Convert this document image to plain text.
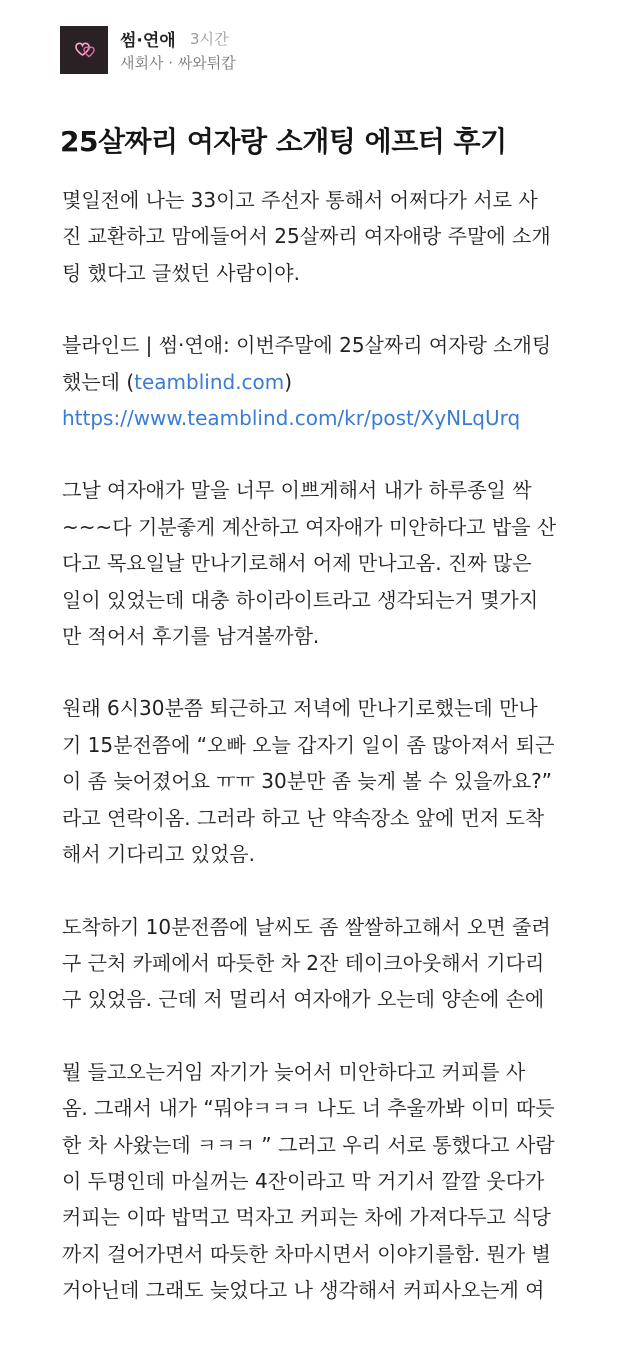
썸·연애 3시간
새회사 · 싸와튀캅
25살짜리 여자랑 소개팅 에프터 후기

몇일전에 나는 33이고 주선자 통해서 어쩌다가 서로 사
진 교환하고 맘에들어서 25살짜리 여자애랑 주말에 소개
팅 했다고 글썼던 사람이야.

블라인드 | 썸·연애: 이번주말에 25살짜리 여자랑 소개팅
했는데 (teamblind.com)
https://www.teamblind.com/kr/post/XyNLqUrq

그날 여자애가 말을 너무 이쁘게해서 내가 하루종일 싹
~~~다 기분좋게 계산하고 여자애가 미안하다고 밥을 산
다고 목요일날 만나기로해서 어제 만나고옴. 진짜 많은
일이 있었는데 대충 하이라이트라고 생각되는거 몇가지
만 적어서 후기를 남겨볼까함.

원래 6시30분쯤 퇴근하고 저녁에 만나기로했는데 만나
기 15분전쯤에 “오빠 오늘 갑자기 일이 좀 많아져서 퇴근
이 좀 늦어졌어요 ㅠㅠ 30분만 좀 늦게 볼 수 있을까요?”
라고 연락이옴. 그러라 하고 난 약속장소 앞에 먼저 도착
해서 기다리고 있었음.

도착하기 10분전쯤에 날씨도 좀 쌀쌀하고해서 오면 줄려
구 근처 카페에서 따듯한 차 2잔 테이크아웃해서 기다리
구 있었음. 근데 저 멀리서 여자애가 오는데 양손에 손에

뭘 들고오는거임 자기가 늦어서 미안하다고 커피를 사
옴. 그래서 내가 “뭐야ㅋㅋㅋ 나도 너 추울까봐 이미 따듯
한 차 사왔는데 ㅋㅋㅋ ” 그러고 우리 서로 통했다고 사람
이 두명인데 마실꺼는 4잔이라고 막 거기서 깔깔 웃다가
커피는 이따 밥먹고 먹자고 커피는 차에 가져다두고 식당
까지 걸어가면서 따듯한 차마시면서 이야기를함. 뭔가 별
거아닌데 그래도 늦었다고 나 생각해서 커피사오는게 여
